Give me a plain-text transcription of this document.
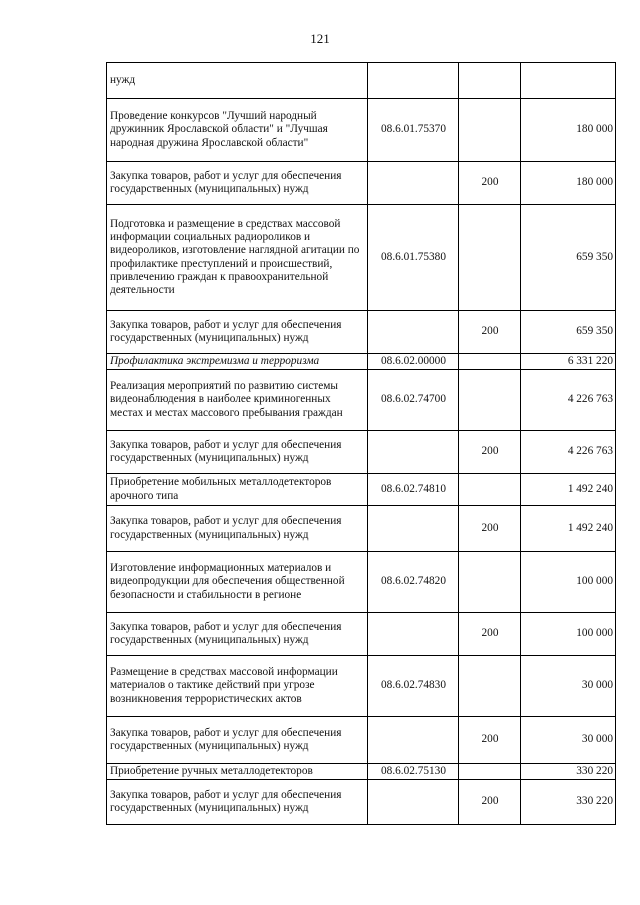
121
нужд			
Проведение конкурсов "Лучший народный дружинник Ярославской области" и "Лучшая народная дружина Ярославской области"	08.6.01.75370		180 000
Закупка товаров, работ и услуг для обеспечения государственных (муниципальных) нужд		200	180 000
Подготовка и размещение в средствах массовой информации социальных радиороликов и видеороликов, изготовление наглядной агитации по профилактике преступлений и происшествий, привлечению граждан к правоохранительной деятельности	08.6.01.75380		659 350
Закупка товаров, работ и услуг для обеспечения государственных (муниципальных) нужд		200	659 350
Профилактика экстремизма и терроризма	08.6.02.00000		6 331 220
Реализация мероприятий по развитию системы видеонаблюдения в наиболее криминогенных местах и местах массового пребывания граждан	08.6.02.74700		4 226 763
Закупка товаров, работ и услуг для обеспечения государственных (муниципальных) нужд		200	4 226 763
Приобретение мобильных металлодетекторов арочного типа	08.6.02.74810		1 492 240
Закупка товаров, работ и услуг для обеспечения государственных (муниципальных) нужд		200	1 492 240
Изготовление информационных материалов и видеопродукции для обеспечения общественной безопасности и стабильности в регионе	08.6.02.74820		100 000
Закупка товаров, работ и услуг для обеспечения государственных (муниципальных) нужд		200	100 000
Размещение в средствах массовой информации материалов о тактике действий при угрозе возникновения террористических актов	08.6.02.74830		30 000
Закупка товаров, работ и услуг для обеспечения государственных (муниципальных) нужд		200	30 000
Приобретение ручных металлодетекторов	08.6.02.75130		330 220
Закупка товаров, работ и услуг для обеспечения государственных (муниципальных) нужд		200	330 220
